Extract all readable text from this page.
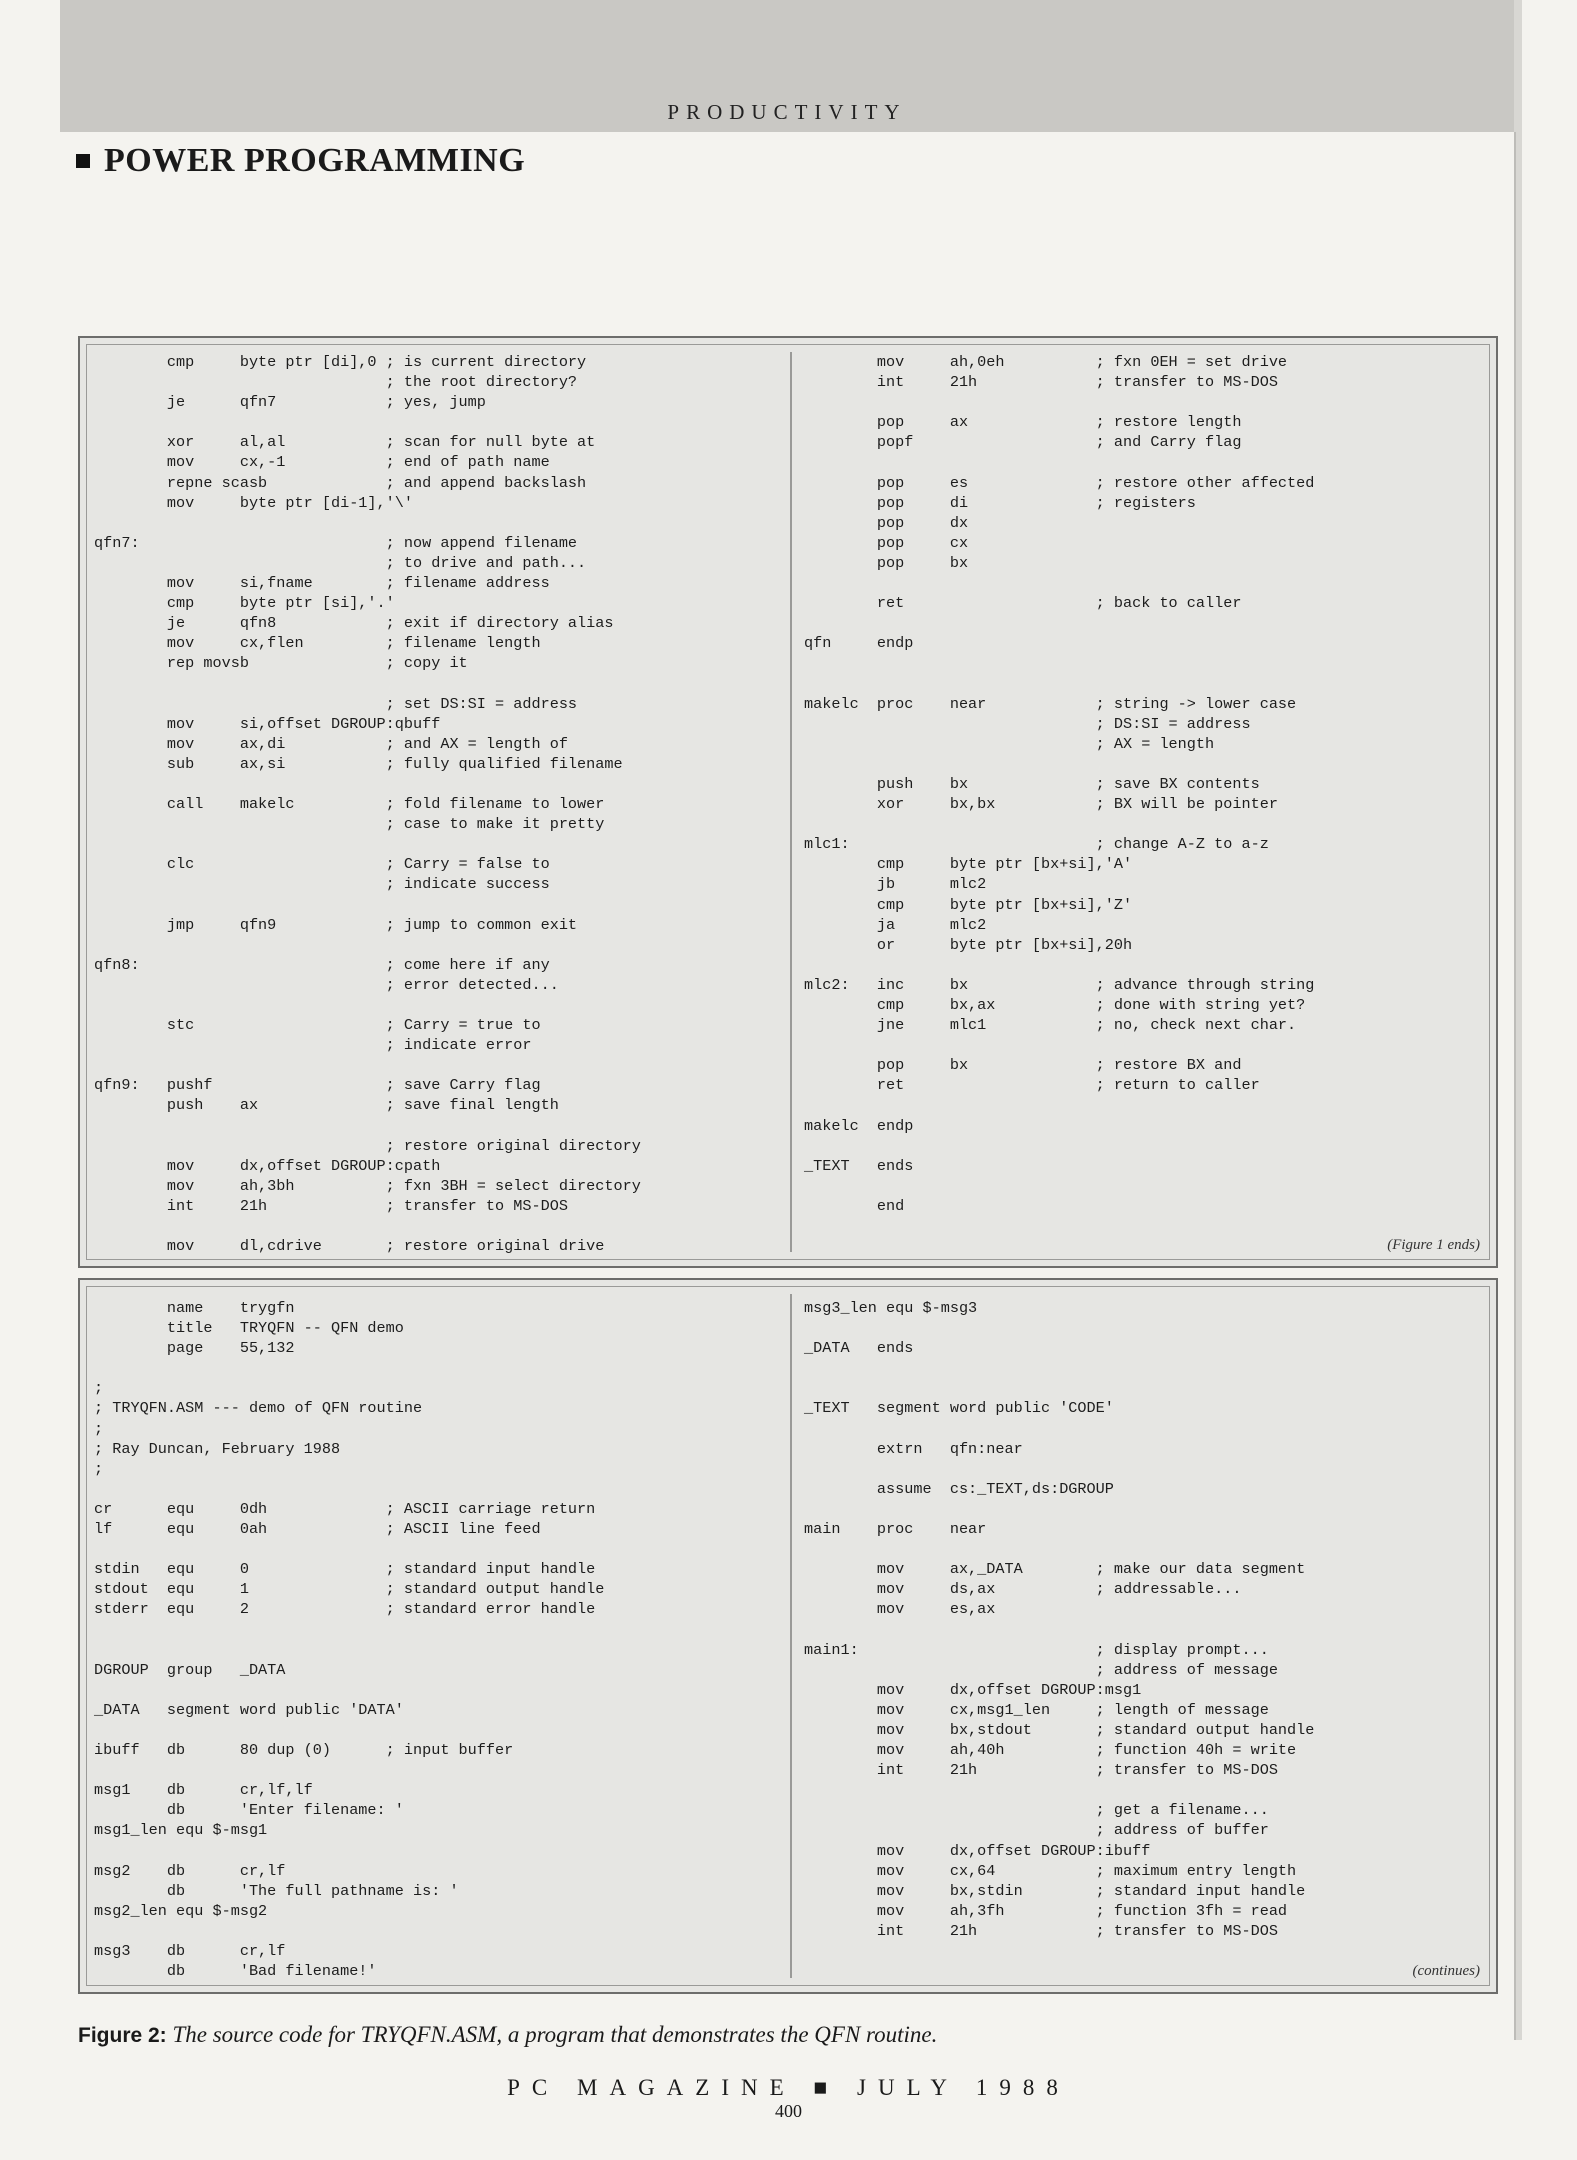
PRODUCTIVITY
POWER PROGRAMMING
cmp     byte ptr [di],0 ; is current directory
; the root directory?
je      qfn7            ; yes, jump

xor     al,al           ; scan for null byte at
mov     cx,-1           ; end of path name
repne scasb             ; and append backslash
mov     byte ptr [di-1],'\'

qfn7:                           ; now append filename
; to drive and path...
mov     si,fname        ; filename address
cmp     byte ptr [si],'.'
je      qfn8            ; exit if directory alias
mov     cx,flen         ; filename length
rep movsb               ; copy it

; set DS:SI = address
mov     si,offset DGROUP:qbuff
mov     ax,di           ; and AX = length of
sub     ax,si           ; fully qualified filename

call    makelc          ; fold filename to lower
; case to make it pretty

clc                     ; Carry = false to
; indicate success

jmp     qfn9            ; jump to common exit

qfn8:                           ; come here if any
; error detected...

stc                     ; Carry = true to
; indicate error

qfn9:   pushf                   ; save Carry flag
push    ax              ; save final length

; restore original directory
mov     dx,offset DGROUP:cpath
mov     ah,3bh          ; fxn 3BH = select directory
int     21h             ; transfer to MS-DOS

mov     dl,cdrive       ; restore original drive
mov     ah,0eh          ; fxn 0EH = set drive
int     21h             ; transfer to MS-DOS

pop     ax              ; restore length
popf                    ; and Carry flag

pop     es              ; restore other affected
pop     di              ; registers
pop     dx
pop     cx
pop     bx

ret                     ; back to caller

qfn     endp

makelc  proc    near            ; string -> lower case
; DS:SI = address
; AX = length

push    bx              ; save BX contents
xor     bx,bx           ; BX will be pointer

mlc1:                           ; change A-Z to a-z
cmp     byte ptr [bx+si],'A'
jb      mlc2
cmp     byte ptr [bx+si],'Z'
ja      mlc2
or      byte ptr [bx+si],20h

mlc2:   inc     bx              ; advance through string
cmp     bx,ax           ; done with string yet?
jne     mlc1            ; no, check next char.

pop     bx              ; restore BX and
ret                     ; return to caller

makelc  endp

_TEXT   ends

end
(Figure 1 ends)
name    trygfn
title   TRYQFN -- QFN demo
page    55,132

;
; TRYQFN.ASM --- demo of QFN routine
;
; Ray Duncan, February 1988
;

cr      equ     0dh             ; ASCII carriage return
lf      equ     0ah             ; ASCII line feed

stdin   equ     0               ; standard input handle
stdout  equ     1               ; standard output handle
stderr  equ     2               ; standard error handle

DGROUP  group   _DATA

_DATA   segment word public 'DATA'

ibuff   db      80 dup (0)      ; input buffer

msg1    db      cr,lf,lf
db      'Enter filename: '
msg1_len equ $-msg1

msg2    db      cr,lf
db      'The full pathname is: '
msg2_len equ $-msg2

msg3    db      cr,lf
db      'Bad filename!'
msg3_len equ $-msg3

_DATA   ends

_TEXT   segment word public 'CODE'

extrn   qfn:near

assume  cs:_TEXT,ds:DGROUP

main    proc    near

mov     ax,_DATA        ; make our data segment
mov     ds,ax           ; addressable...
mov     es,ax

main1:                          ; display prompt...
; address of message
mov     dx,offset DGROUP:msg1
mov     cx,msg1_len     ; length of message
mov     bx,stdout       ; standard output handle
mov     ah,40h          ; function 40h = write
int     21h             ; transfer to MS-DOS

; get a filename...
; address of buffer
mov     dx,offset DGROUP:ibuff
mov     cx,64           ; maximum entry length
mov     bx,stdin        ; standard input handle
mov     ah,3fh          ; function 3fh = read
int     21h             ; transfer to MS-DOS
(continues)
Figure 2: The source code for TRYQFN.ASM, a program that demonstrates the QFN routine.
PC MAGAZINE ■ JULY 1988
400
